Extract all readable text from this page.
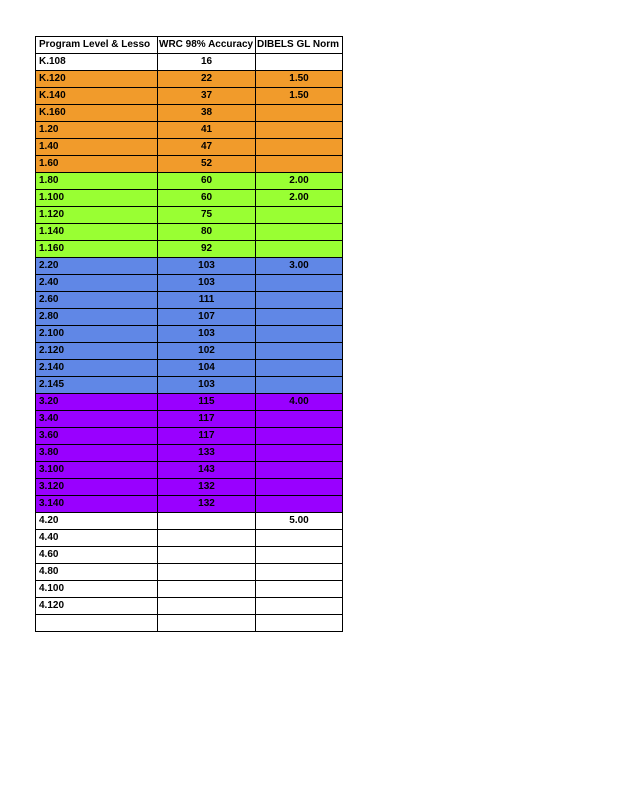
Program Level & Lesso	WRC 98% Accuracy	DIBELS GL Norm
K.108	16	
K.120	22	1.50
K.140	37	1.50
K.160	38	
1.20	41	
1.40	47	
1.60	52	
1.80	60	2.00
1.100	60	2.00
1.120	75	
1.140	80	
1.160	92	
2.20	103	3.00
2.40	103	
2.60	111	
2.80	107	
2.100	103	
2.120	102	
2.140	104	
2.145	103	
3.20	115	4.00
3.40	117	
3.60	117	
3.80	133	
3.100	143	
3.120	132	
3.140	132	
4.20		5.00
4.40		
4.60		
4.80		
4.100		
4.120		
